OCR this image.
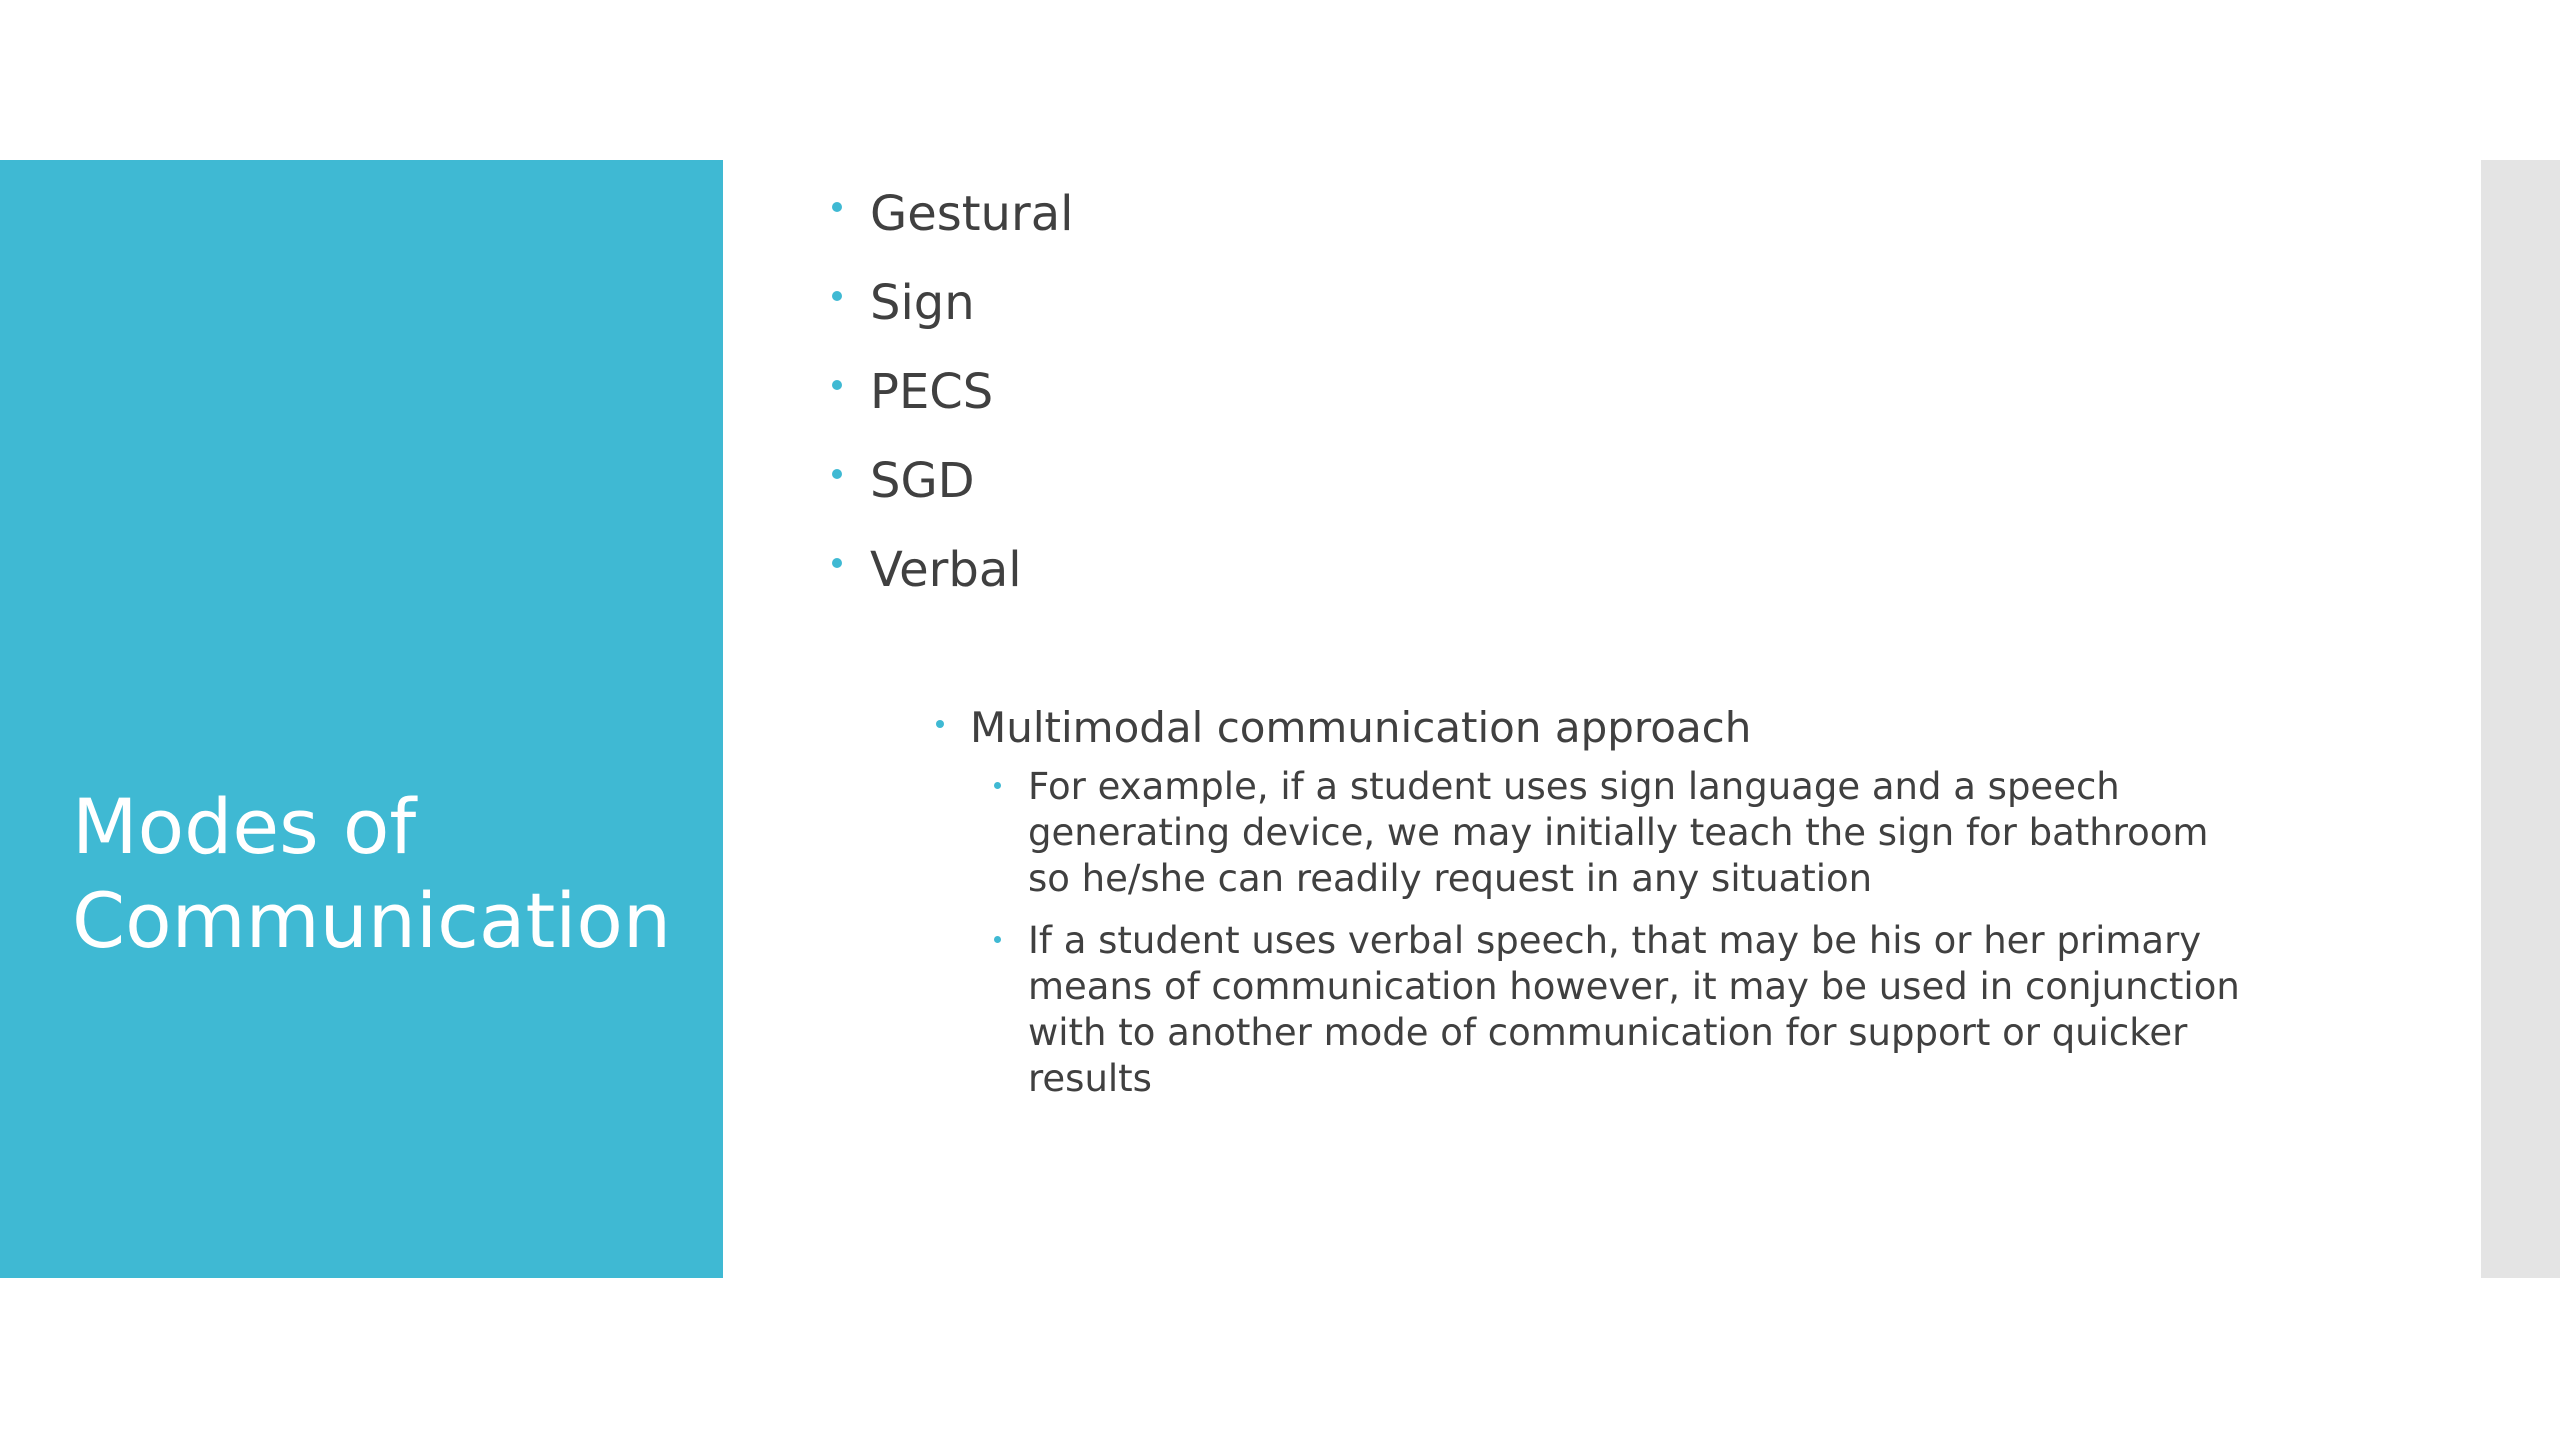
Modes of Communication
Gestural
Sign
PECS
SGD
Verbal
Multimodal communication approach
For example, if a student uses sign language and a speech generating device, we may initially teach the sign for bathroom so he/she can readily request in any situation
If a student uses verbal speech, that may be his or her primary means of communication however, it may be used in conjunction with to another mode of communication for support or quicker results
